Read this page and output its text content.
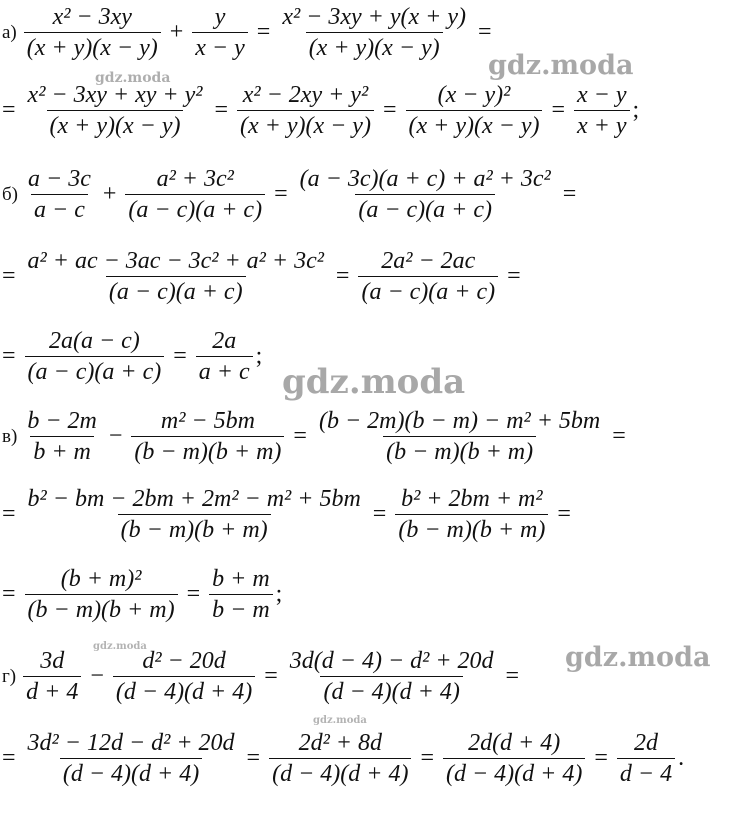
$а) \frac{\text{x² − 3xy}}{(x + y)(x - y)} + \frac{y}{x - y} = \frac{\text{x² − 3xy + y(x + y)}}{(x + y)(x - y)}$ =
= $\frac{\text{x² − 3xy + xy + y²}}{(x + y)(x - y)} = \frac{\text{x² − 2xy + y²}}{(x + y)(x - y)} = \frac{\text{(x − y)²}}{(x + y)(x - y)} = \frac{x - y}{x + y}$ ;
$б) \frac{a - 3c}{a - c} + \frac{\text{a² + 3c²}}{(a - c)(a + c)} = \frac{\text{(a − 3c)(a + c) + a² + 3c²}}{(a - c)(a + c)}$ =
= $\frac{\text{a² + ac − 3ac − 3c² + a² + 3c²}}{(a - c)(a + c)} = \frac{\text{2a² − 2ac}}{(a - c)(a + c)}$ =
= $\frac{2a(a - c)}{(a - c)(a + c)} = \frac{2a}{a + c}$ ;
$в) \frac{b - 2m}{b + m} - \frac{\text{m² − 5bm}}{(b - m)(b + m)} = \frac{\text{(b − 2m)(b − m) − m² + 5bm}}{(b - m)(b + m)}$ =
= $\frac{\text{b² − bm − 2bm + 2m² − m² + 5bm}}{(b - m)(b + m)} = \frac{\text{b² + 2bm + m²}}{(b - m)(b + m)}$ =
= $\frac{\text{(b + m)²}}{(b - m)(b + m)} = \frac{b + m}{b - m}$ ;
$г) \frac{3d}{d + 4} - \frac{\text{d² − 20d}}{(d - 4)(d + 4)} = \frac{\text{3d(d − 4) − d² + 20d}}{(d - 4)(d + 4)}$ =
= $\frac{\text{3d² − 12d − d² + 20d}}{(d - 4)(d + 4)} = \frac{\text{2d² + 8d}}{(d - 4)(d + 4)} = \frac{2d(d + 4)}{(d - 4)(d + 4)} = \frac{2d}{d - 4}$ .
gdz.moda	gdz.moda
gdz.moda
gdz.moda	gdz.moda
gdz.moda
